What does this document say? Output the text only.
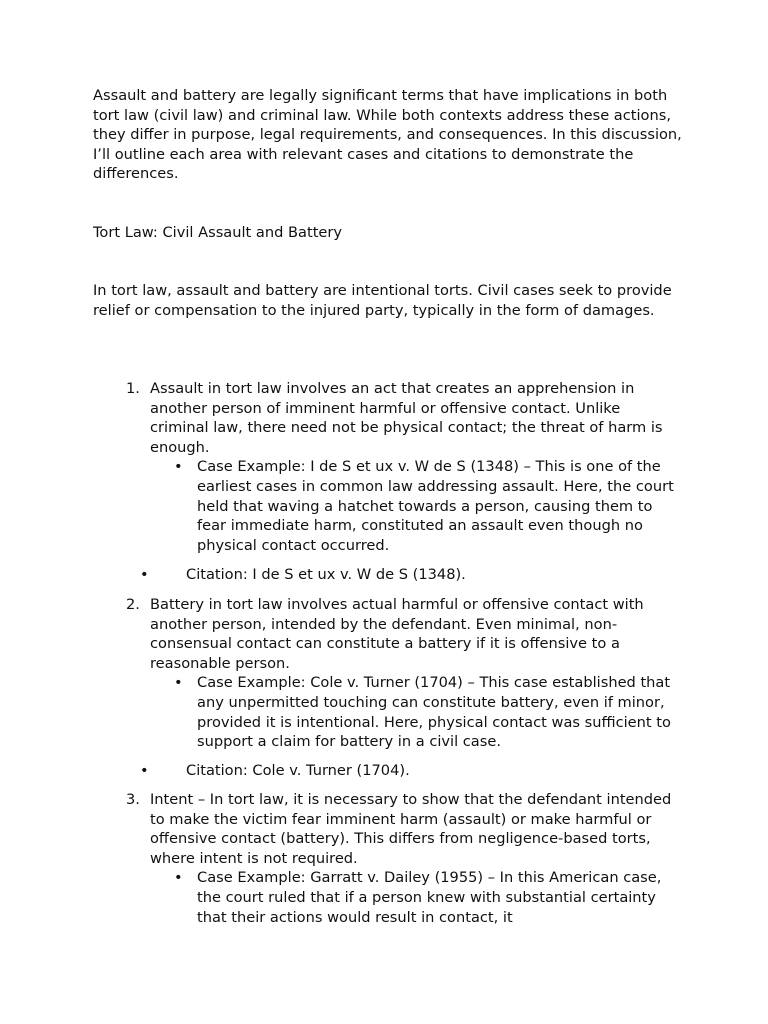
Assault and battery are legally significant terms that have implications in both tort law (civil law) and criminal law. While both contexts address these actions, they differ in purpose, legal requirements, and consequences. In this discussion, I’ll outline each area with relevant cases and citations to demonstrate the differences.

Tort Law: Civil Assault and Battery

In tort law, assault and battery are intentional torts. Civil cases seek to provide relief or compensation to the injured party, typically in the form of damages.

1. Assault in tort law involves an act that creates an apprehension in another person of imminent harmful or offensive contact. Unlike criminal law, there need not be physical contact; the threat of harm is enough.
• Case Example: I de S et ux v. W de S (1348) – This is one of the earliest cases in common law addressing assault. Here, the court held that waving a hatchet towards a person, causing them to fear immediate harm, constituted an assault even though no physical contact occurred.
•	Citation: I de S et ux v. W de S (1348).
2. Battery in tort law involves actual harmful or offensive contact with another person, intended by the defendant. Even minimal, non-consensual contact can constitute a battery if it is offensive to a reasonable person.
• Case Example: Cole v. Turner (1704) – This case established that any unpermitted touching can constitute battery, even if minor, provided it is intentional. Here, physical contact was sufficient to support a claim for battery in a civil case.
•	Citation: Cole v. Turner (1704).
3. Intent – In tort law, it is necessary to show that the defendant intended to make the victim fear imminent harm (assault) or make harmful or offensive contact (battery). This differs from negligence-based torts, where intent is not required.
• Case Example: Garratt v. Dailey (1955) – In this American case, the court ruled that if a person knew with substantial certainty that their actions would result in contact, it
